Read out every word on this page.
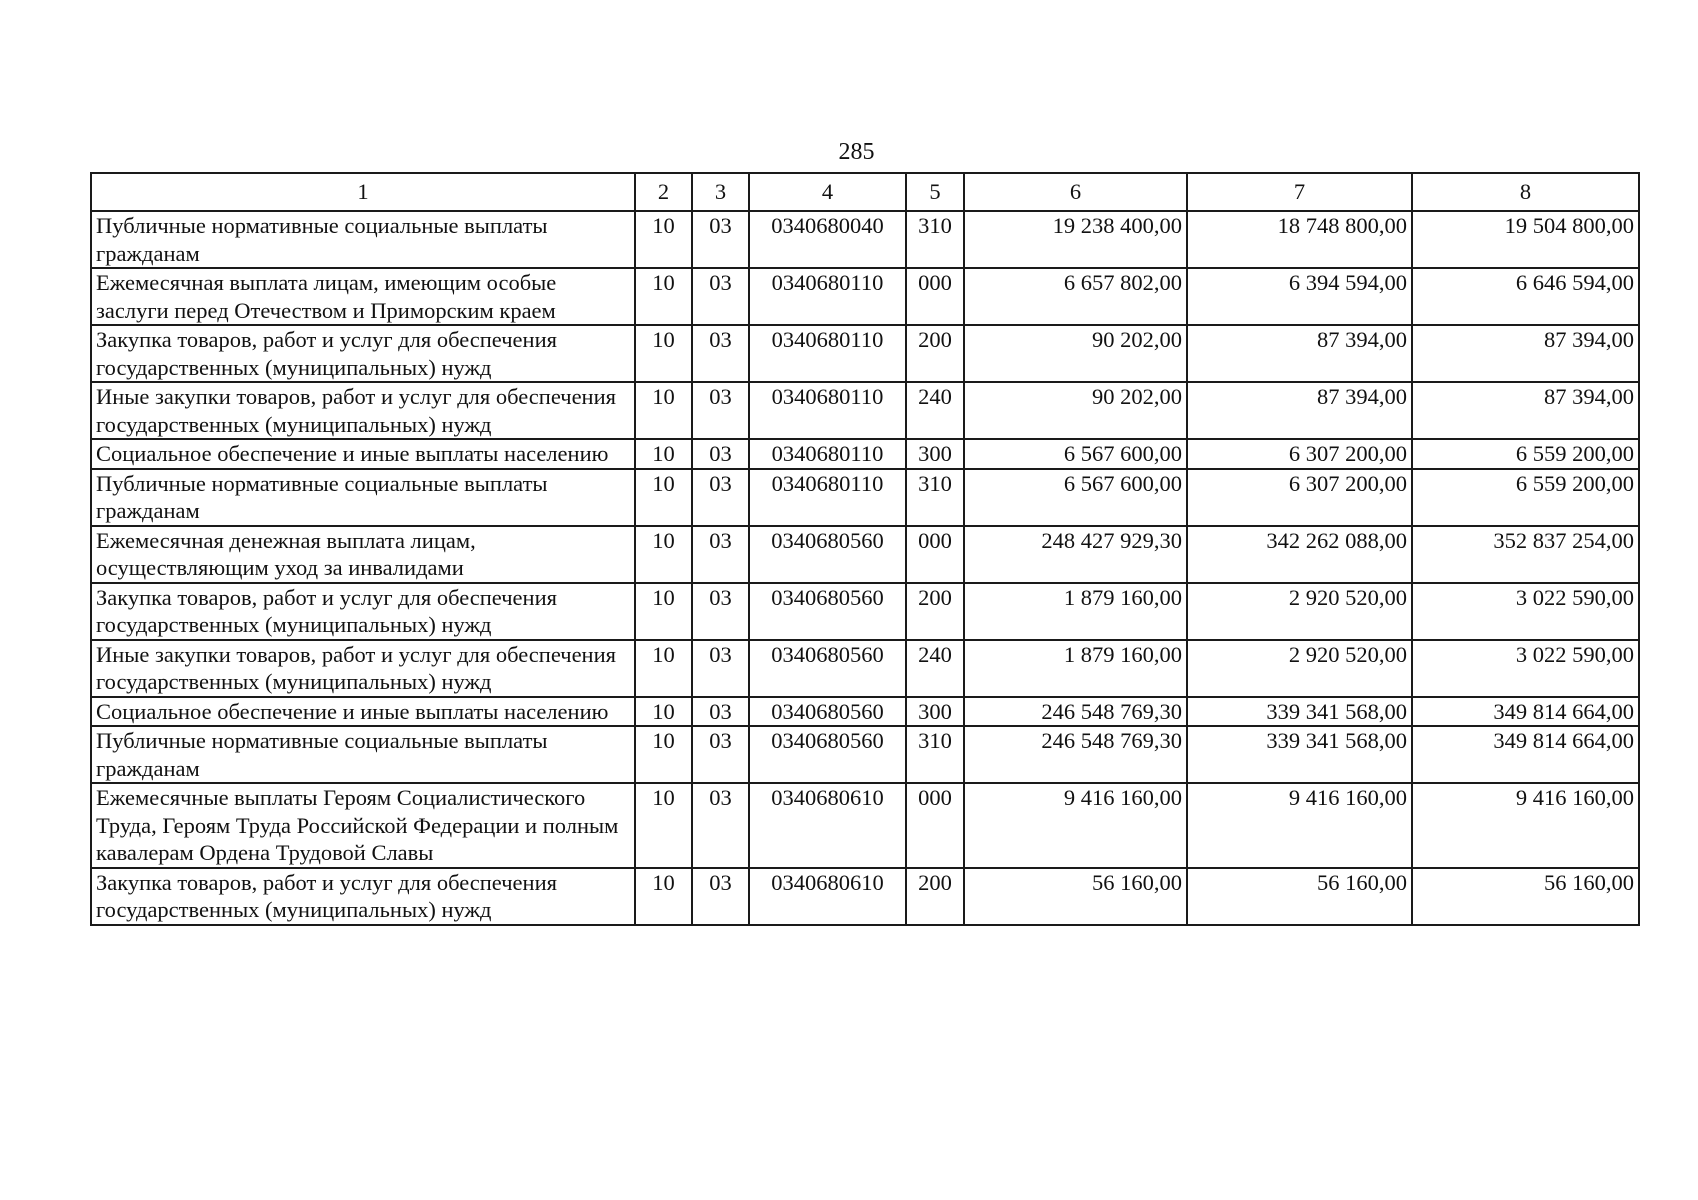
285
1	2	3	4	5	6	7	8
Публичные нормативные социальные выплаты гражданам	10	03	0340680040	310	19 238 400,00	18 748 800,00	19 504 800,00
Ежемесячная выплата лицам, имеющим особые заслуги перед Отечеством и Приморским краем	10	03	0340680110	000	6 657 802,00	6 394 594,00	6 646 594,00
Закупка товаров, работ и услуг для обеспечения государственных (муниципальных) нужд	10	03	0340680110	200	90 202,00	87 394,00	87 394,00
Иные закупки товаров, работ и услуг для обеспечения государственных (муниципальных) нужд	10	03	0340680110	240	90 202,00	87 394,00	87 394,00
Социальное обеспечение и иные выплаты населению	10	03	0340680110	300	6 567 600,00	6 307 200,00	6 559 200,00
Публичные нормативные социальные выплаты гражданам	10	03	0340680110	310	6 567 600,00	6 307 200,00	6 559 200,00
Ежемесячная денежная выплата лицам, осуществляющим уход за инвалидами	10	03	0340680560	000	248 427 929,30	342 262 088,00	352 837 254,00
Закупка товаров, работ и услуг для обеспечения государственных (муниципальных) нужд	10	03	0340680560	200	1 879 160,00	2 920 520,00	3 022 590,00
Иные закупки товаров, работ и услуг для обеспечения государственных (муниципальных) нужд	10	03	0340680560	240	1 879 160,00	2 920 520,00	3 022 590,00
Социальное обеспечение и иные выплаты населению	10	03	0340680560	300	246 548 769,30	339 341 568,00	349 814 664,00
Публичные нормативные социальные выплаты гражданам	10	03	0340680560	310	246 548 769,30	339 341 568,00	349 814 664,00
Ежемесячные выплаты Героям Социалистического Труда, Героям Труда Российской Федерации и полным кавалерам Ордена Трудовой Славы	10	03	0340680610	000	9 416 160,00	9 416 160,00	9 416 160,00
Закупка товаров, работ и услуг для обеспечения государственных (муниципальных) нужд	10	03	0340680610	200	56 160,00	56 160,00	56 160,00
